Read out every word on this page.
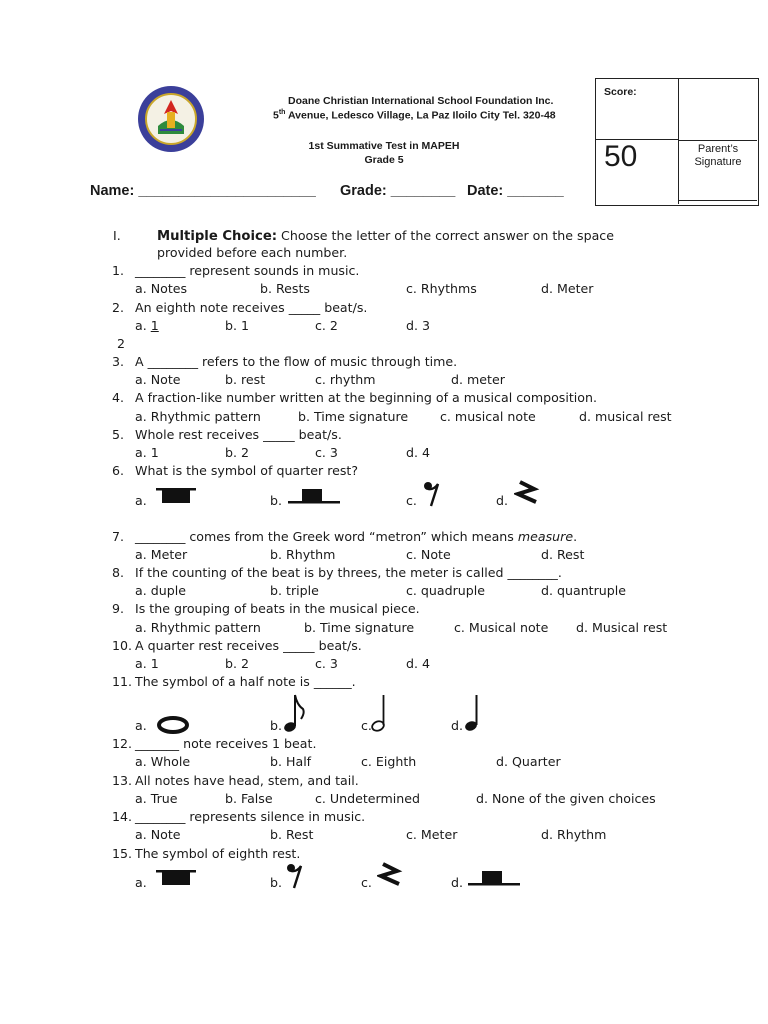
Doane Christian International School Foundation Inc.
5th Avenue, Ledesco Village, La Paz Iloilo City Tel. 320-48
1st Summative Test in MAPEH
Grade 5
Score:
50	Parent’s
Signature
Name: ______________________ Grade: ________ Date: _______
I.	Multiple Choice: Choose the letter of the correct answer on the space
provided before each number.
1. ________ represent sounds in music.
a. Notes	b. Rests	c. Rhythms	d. Meter
2. An eighth note receives _____ beat/s.
a. 1	b. 1	c. 2	d. 3
2
3. A ________ refers to the flow of music through time.
a. Note	b. rest	c. rhythm	d. meter
4. A fraction-like number written at the beginning of a musical composition.
a. Rhythmic pattern	b. Time signature	c. musical note	d. musical rest
5. Whole rest receives _____ beat/s.
a. 1	b. 2	c. 3	d. 4
6. What is the symbol of quarter rest?
a.	b.	c.	d.
7. ________ comes from the Greek word “metron” which means measure.
a. Meter	b. Rhythm	c. Note	d. Rest
8. If the counting of the beat is by threes, the meter is called ________.
a. duple	b. triple	c. quadruple	d. quantruple
9. Is the grouping of beats in the musical piece.
a. Rhythmic pattern	b. Time signature	c. Musical note d. Musical rest
10. A quarter rest receives _____ beat/s.
a. 1	b. 2	c. 3	d. 4
11. The symbol of a half note is ______.
a.	b.	c.	d.
12. _______ note receives 1 beat.
a. Whole	b. Half	c. Eighth	d. Quarter
13. All notes have head, stem, and tail.
a. True	b. False	c. Undetermined	d. None of the given choices
14. ________ represents silence in music.
a. Note	b. Rest	c. Meter	d. Rhythm
15. The symbol of eighth rest.
a.	b.	c.	d.
